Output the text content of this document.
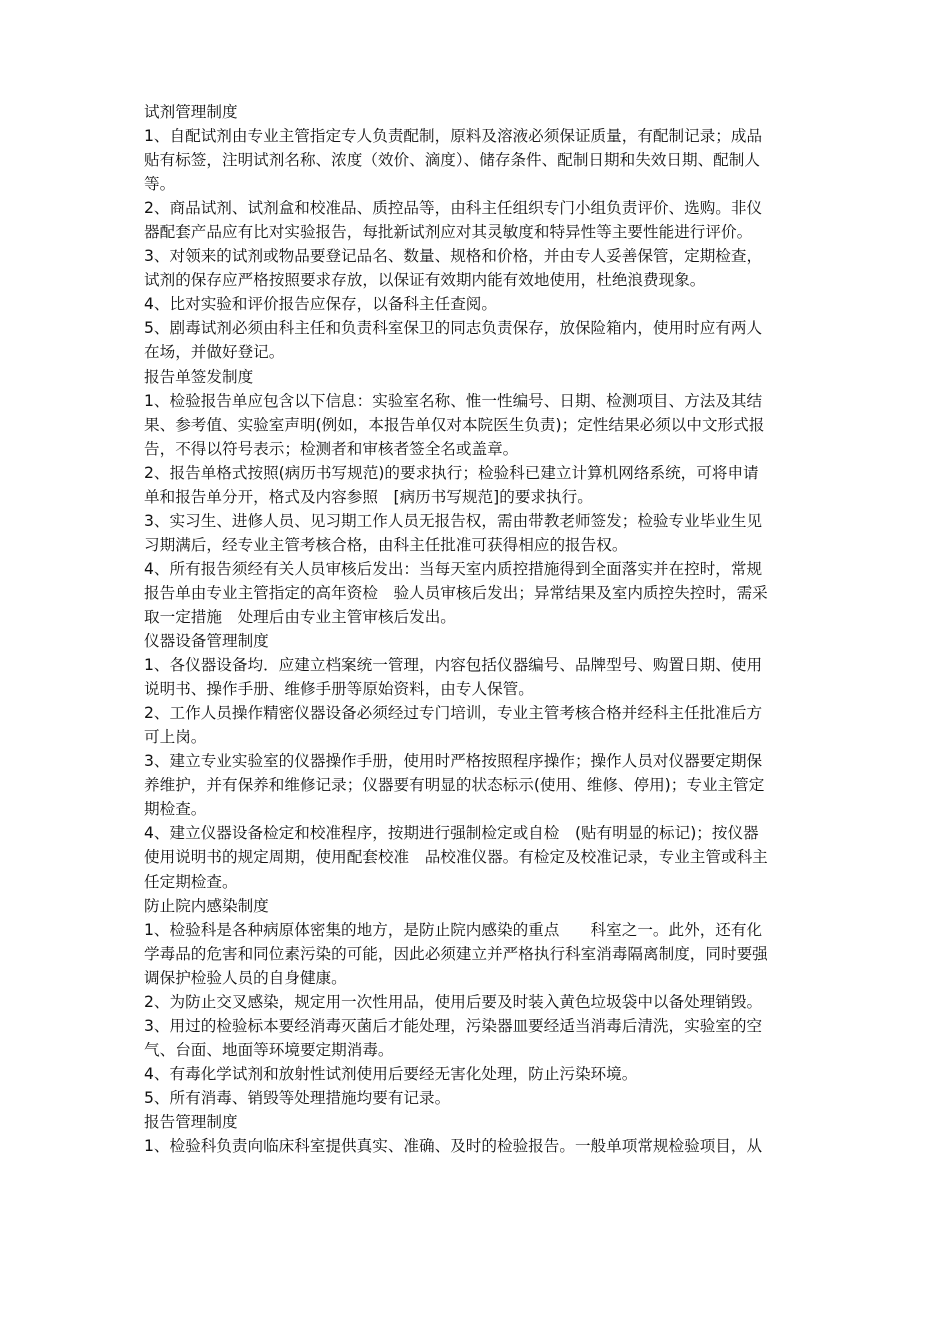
试剂管理制度
1、自配试剂由专业主管指定专人负责配制，原料及溶液必须保证质量，有配制记录；成品
贴有标签，注明试剂名称、浓度（效价、滴度）、储存条件、配制日期和失效日期、配制人
等。
2、商品试剂、试剂盒和校准品、质控品等，由科主任组织专门小组负责评价、选购。非仪
器配套产品应有比对实验报告，每批新试剂应对其灵敏度和特异性等主要性能进行评价。
3、对领来的试剂或物品要登记品名、数量、规格和价格，并由专人妥善保管，定期检查，
试剂的保存应严格按照要求存放，以保证有效期内能有效地使用，杜绝浪费现象。
4、比对实验和评价报告应保存，以备科主任查阅。
5、剧毒试剂必须由科主任和负责科室保卫的同志负责保存，放保险箱内，使用时应有两人
在场，并做好登记。
报告单签发制度
1、检验报告单应包含以下信息：实验室名称、惟一性编号、日期、检测项目、方法及其结
果、参考值、实验室声明(例如，本报告单仅对本院医生负责)；定性结果必须以中文形式报
告，不得以符号表示；检测者和审核者签全名或盖章。
2、报告单格式按照(病历书写规范)的要求执行；检验科已建立计算机网络系统，可将申请
单和报告单分开，格式及内容参照　[病历书写规范]的要求执行。
3、实习生、进修人员、见习期工作人员无报告权，需由带教老师签发；检验专业毕业生见
习期满后，经专业主管考核合格，由科主任批准可获得相应的报告权。
4、所有报告须经有关人员审核后发出：当每天室内质控措施得到全面落实并在控时，常规
报告单由专业主管指定的高年资检　验人员审核后发出；异常结果及室内质控失控时，需采
取一定措施　处理后由专业主管审核后发出。
仪器设备管理制度
1、各仪器设备均．应建立档案统一管理，内容包括仪器编号、品牌型号、购置日期、使用
说明书、操作手册、维修手册等原始资料，由专人保管。
2、工作人员操作精密仪器设备必须经过专门培训，专业主管考核合格并经科主任批准后方
可上岗。
3、建立专业实验室的仪器操作手册，使用时严格按照程序操作；操作人员对仪器要定期保
养维护，并有保养和维修记录；仪器要有明显的状态标示(使用、维修、停用)；专业主管定
期检查。
4、建立仪器设备检定和校准程序，按期进行强制检定或自检　(贴有明显的标记)；按仪器
使用说明书的规定周期，使用配套校准　品校准仪器。有检定及校准记录，专业主管或科主
任定期检查。
防止院内感染制度
1、检验科是各种病原体密集的地方，是防止院内感染的重点　　科室之一。此外，还有化
学毒品的危害和同位素污染的可能，因此必须建立并严格执行科室消毒隔离制度，同时要强
调保护检验人员的自身健康。
2、为防止交叉感染，规定用一次性用品，使用后要及时装入黄色垃圾袋中以备处理销毁。
3、用过的检验标本要经消毒灭菌后才能处理，污染器皿要经适当消毒后清洗，实验室的空
气、台面、地面等环境要定期消毒。
4、有毒化学试剂和放射性试剂使用后要经无害化处理，防止污染环境。
5、所有消毒、销毁等处理措施均要有记录。
报告管理制度
1、检验科负责向临床科室提供真实、准确、及时的检验报告。一般单项常规检验项目，从
